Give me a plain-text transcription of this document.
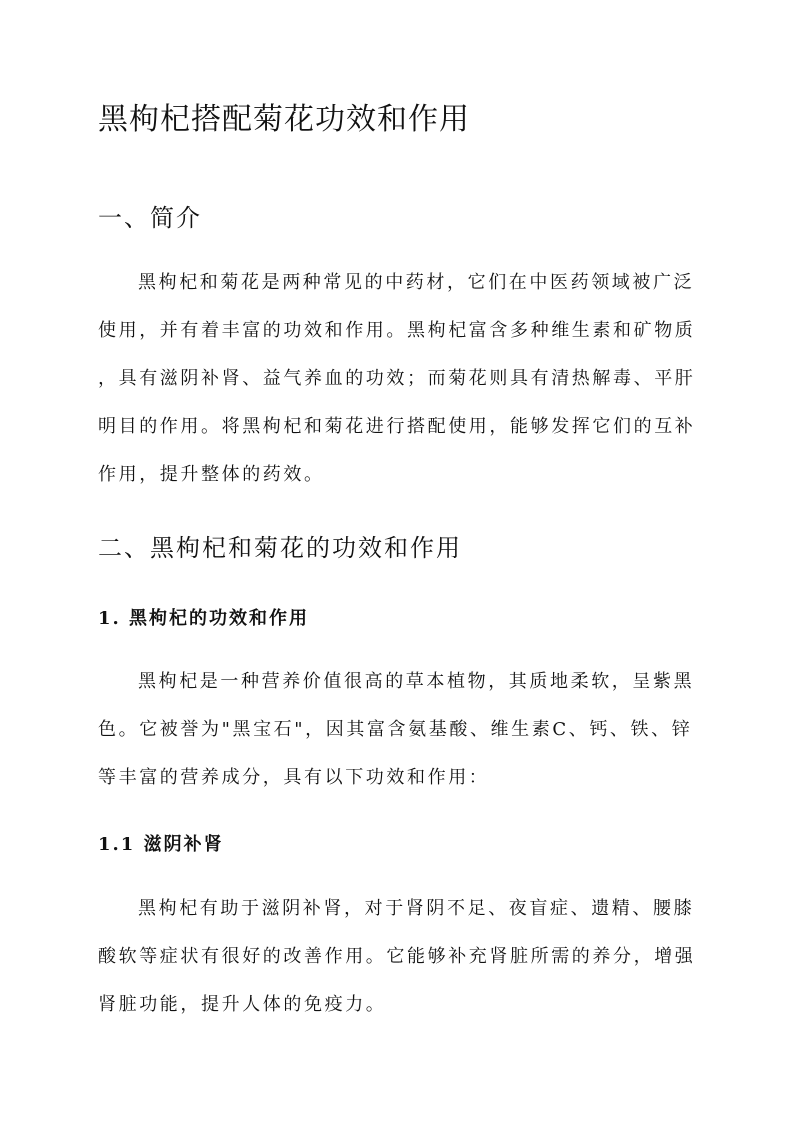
黑枸杞搭配菊花功效和作用
一、简介
黑枸杞和菊花是两种常见的中药材，它们在中医药领域被广泛
使用，并有着丰富的功效和作用。黑枸杞富含多种维生素和矿物质
，具有滋阴补肾、益气养血的功效；而菊花则具有清热解毒、平肝
明目的作用。将黑枸杞和菊花进行搭配使用，能够发挥它们的互补
作用，提升整体的药效。
二、黑枸杞和菊花的功效和作用
1. 黑枸杞的功效和作用
黑枸杞是一种营养价值很高的草本植物，其质地柔软，呈紫黑
色。它被誉为"黑宝石"，因其富含氨基酸、维生素C、钙、铁、锌
等丰富的营养成分，具有以下功效和作用：
1.1 滋阴补肾
黑枸杞有助于滋阴补肾，对于肾阴不足、夜盲症、遗精、腰膝
酸软等症状有很好的改善作用。它能够补充肾脏所需的养分，增强
肾脏功能，提升人体的免疫力。
